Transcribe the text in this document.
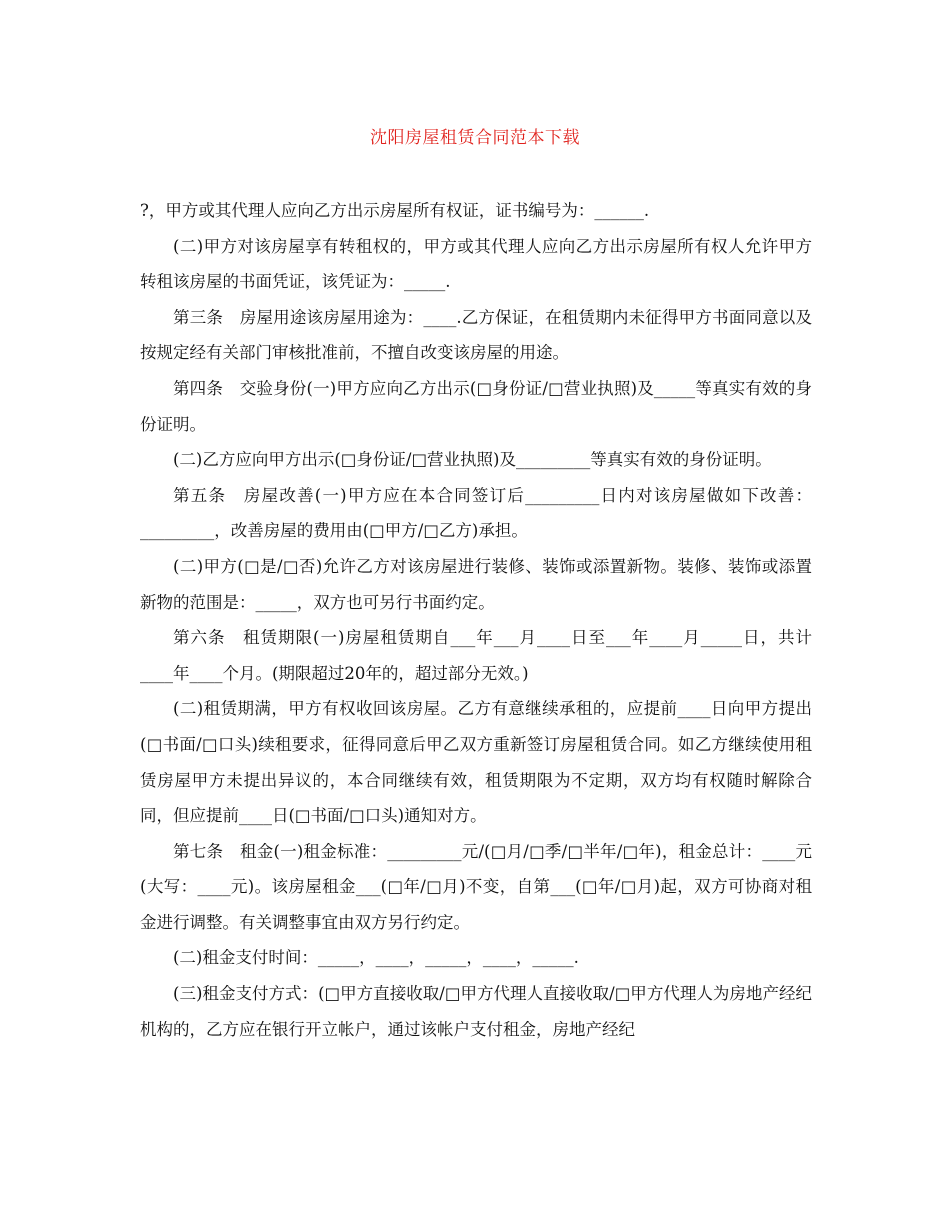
沈阳房屋租赁合同范本下载

?，甲方或其代理人应向乙方出示房屋所有权证，证书编号为：______.

(二)甲方对该房屋享有转租权的，甲方或其代理人应向乙方出示房屋所有权人允许甲方转租该房屋的书面凭证，该凭证为：_____.

第三条　房屋用途该房屋用途为：____.乙方保证，在租赁期内未征得甲方书面同意以及按规定经有关部门审核批准前，不擅自改变该房屋的用途。

第四条　交验身份(一)甲方应向乙方出示(□身份证/□营业执照)及_____等真实有效的身份证明。

(二)乙方应向甲方出示(□身份证/□营业执照)及_________等真实有效的身份证明。

第五条　房屋改善(一)甲方应在本合同签订后_________日内对该房屋做如下改善：_________，改善房屋的费用由(□甲方/□乙方)承担。

(二)甲方(□是/□否)允许乙方对该房屋进行装修、装饰或添置新物。装修、装饰或添置新物的范围是：_____，双方也可另行书面约定。

第六条　租赁期限(一)房屋租赁期自___年___月____日至___年____月_____日，共计____年____个月。(期限超过20年的，超过部分无效。)

(二)租赁期满，甲方有权收回该房屋。乙方有意继续承租的，应提前____日向甲方提出(□书面/□口头)续租要求，征得同意后甲乙双方重新签订房屋租赁合同。如乙方继续使用租赁房屋甲方未提出异议的，本合同继续有效，租赁期限为不定期，双方均有权随时解除合同，但应提前____日(□书面/□口头)通知对方。

第七条　租金(一)租金标准：_________元/(□月/□季/□半年/□年)，租金总计：____元(大写：____元)。该房屋租金___(□年/□月)不变，自第___(□年/□月)起，双方可协商对租金进行调整。有关调整事宜由双方另行约定。

(二)租金支付时间：_____，____，_____，____，_____.

(三)租金支付方式：(□甲方直接收取/□甲方代理人直接收取/□甲方代理人为房地产经纪机构的，乙方应在银行开立帐户，通过该帐户支付租金，房地产经纪
